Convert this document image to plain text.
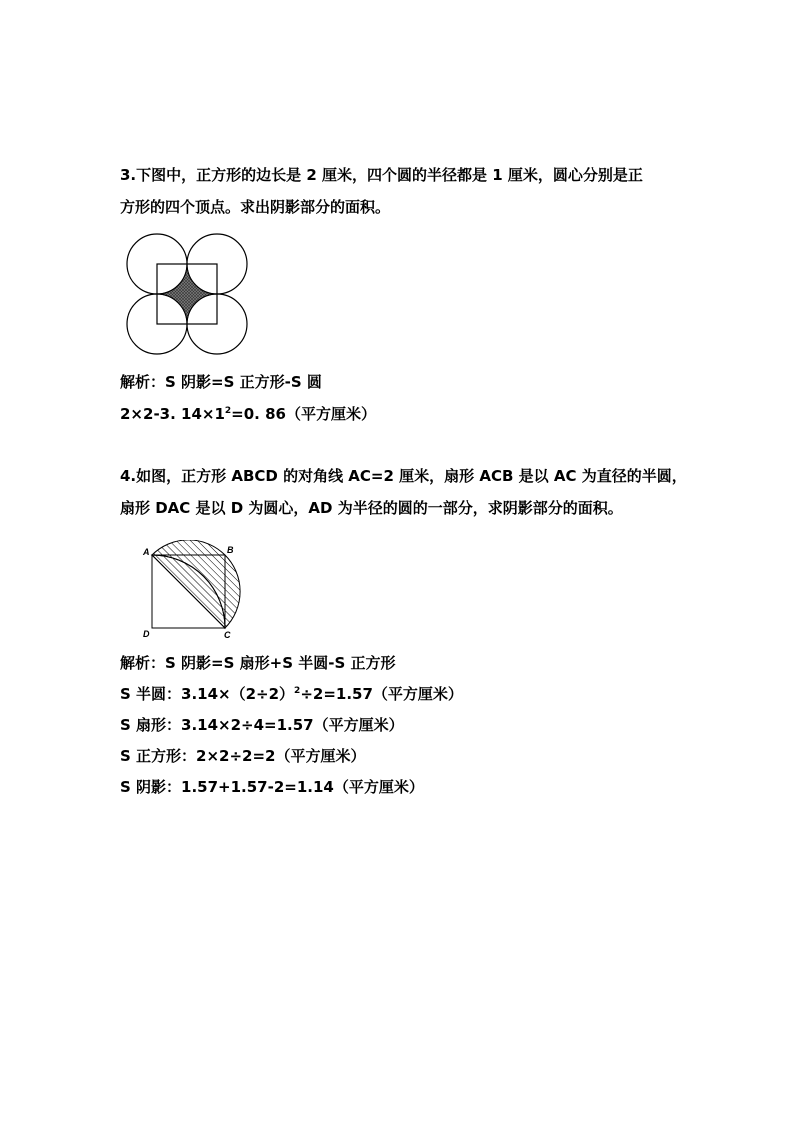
3.下图中，正方形的边长是 2 厘米，四个圆的半径都是 1 厘米，圆心分别是正
方形的四个顶点。求出阴影部分的面积。
解析：S 阴影=S 正方形-S 圆
2×2-3. $14\times 1^2=0$. 86（平方厘米）
4.如图，正方形 ABCD 的对角线 AC=2 厘米，扇形 ACB 是以 AC 为直径的半圆，
扇形 DAC 是以 D 为圆心，AD 为半径的圆的一部分，求阴影部分的面积。
A	B
C
D
解析：S 阴影=S 扇形+S 半圆-S 正方形
S 半圆：$3.14\times(2\div 2)^2\div 2=1.57$（平方厘米）
S 扇形：3.14×2÷4=1.57（平方厘米）
S 正方形：2×2÷2=2（平方厘米）
S 阴影：1.57+1.57-2=1.14（平方厘米）
